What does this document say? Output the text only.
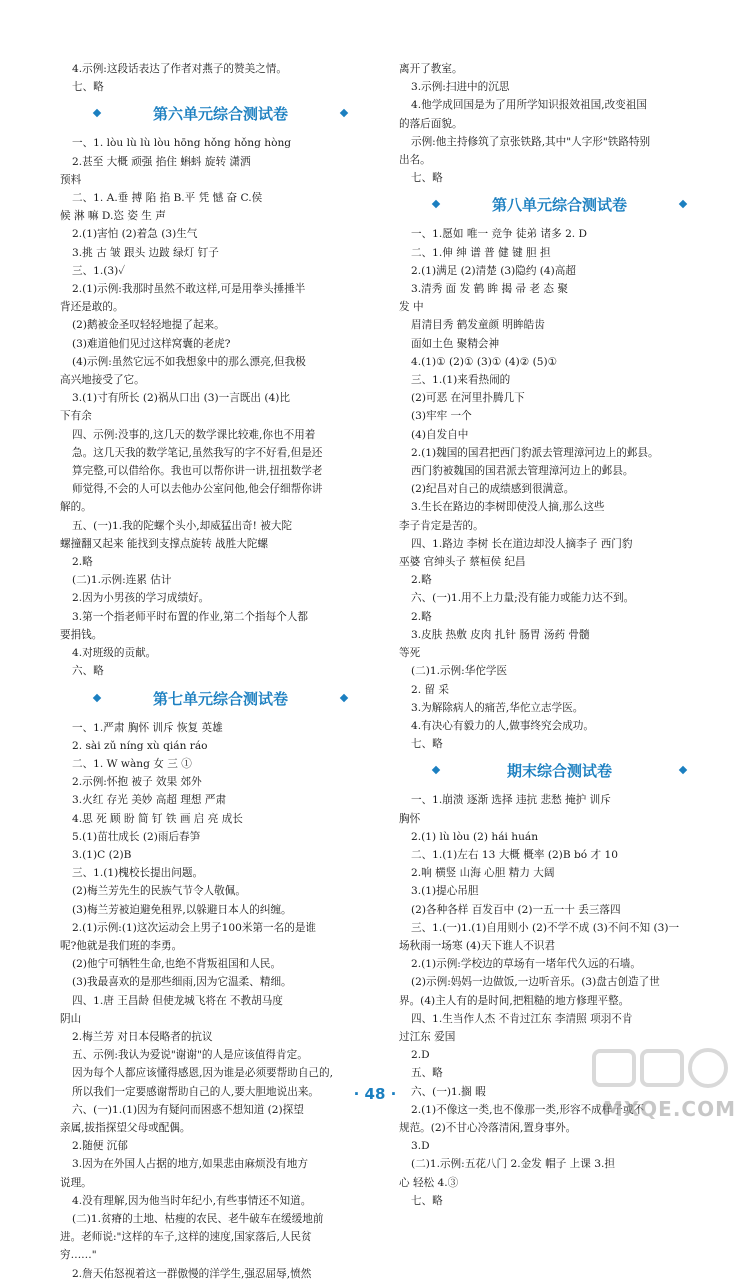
4.示例:这段话表达了作者对燕子的赞美之情。
七、略
第六单元综合测试卷
一、1. lòu lù lù lòu hōng hǒng hǒng hòng
2.甚至 大概 顽强 掐住 蝌蚪 旋转 潇洒
预料
二、1. A.垂 搏 陷 掐 B.平 凭 憾 奋 C.侯
候 淋 嘛 D.恣 姿 生 声
2.(1)害怕 (2)着急 (3)生气
3.挑 古 皱 跟头 边跛 绿灯 钉子
三、1.(3)✓
2.(1)示例:我那时虽然不敢这样,可是用拳头捶捶半
背还是敢的。
(2)鹅被金圣叹轻轻地提了起来。
(3)难道他们见过这样窝囊的老虎?
(4)示例:虽然它远不如我想象中的那么漂亮,但我极
高兴地接受了它。
3.(1)寸有所长 (2)祸从口出 (3)一言既出 (4)比
下有余
四、示例:没事的,这几天的数学课比较难,你也不用着
急。这几天我的数学笔记,虽然我写的字不好看,但是还
算完整,可以借给你。我也可以帮你讲一讲,扭扭数学老
师觉得,不会的人可以去他办公室问他,他会仔细帮你讲
解的。
五、(一)1.我的陀螺个头小,却威猛出奇! 被大陀
螺撞翻又起来 能找到支撑点旋转 战胜大陀螺
2.略
(二)1.示例:连累 估计
2.因为小男孩的学习成绩好。
3.第一个指老师平时布置的作业,第二个指每个人都
要捐钱。
4.对班级的贡献。
六、略
第七单元综合测试卷
一、1.严肃 胸怀 训斥 恢复 英雄
2. sài zǔ níng xù qián ráo
二、1. W wàng 女 三 ①
2.示例:怀抱 被子 效果 郊外
3.火红 存光 美妙 高超 理想 严肃
4.思 死 顾 盼 简 钉 铁 画 启 亮 成长
5.(1)苗壮成长 (2)雨后春笋
3.(1)C (2)B
三、1.(1)槐校长提出问题。
(2)梅兰芳先生的民族气节令人敬佩。
(3)梅兰芳被迫避免租界,以躲避日本人的纠缠。
2.(1)示例:(1)这次运动会上男子100米第一名的是谁
呢?他就是我们班的李勇。
(2)他宁可牺牲生命,也绝不背叛祖国和人民。
(3)我最喜欢的是那些细雨,因为它温柔、精细。
四、1.唐 王昌龄 但使龙城飞将在 不教胡马度
阴山
2.梅兰芳 对日本侵略者的抗议
五、示例:我认为爱说"谢谢"的人是应该值得肯定。
因为每个人都应该懂得感恩,因为谁是必须要帮助自己的,
所以我们一定要感谢帮助自己的人,要大胆地说出来。
六、(一)1.(1)因为有疑问而困惑不想知道 (2)探望
亲属,拔指探望父母或配偶。
2.随便 沉郁
3.因为在外国人占据的地方,如果悲由麻烦没有地方
说理。
4.没有理解,因为他当时年纪小,有些事情还不知道。
(二)1.贫瘠的土地、枯瘦的农民、老牛破车在缓缓地前
进。老师说:"这样的车子,这样的速度,国家落后,人民贫
穷……"
2.詹天佑怒视着这一群傲慢的洋学生,强忍屈辱,愤然
离开了教室。
3.示例:扫进中的沉思
4.他学成回国是为了用所学知识报效祖国,改变祖国
的落后面貌。
示例:他主持修筑了京张铁路,其中"人字形"铁路特别
出名。
七、略
第八单元综合测试卷
一、1.愿如 唯一 竞争 徒弟 诸多 2. D
二、1.伸 绅 谱 普 健 键 胆 担
2.(1)满足 (2)清楚 (3)隐约 (4)高超
3.清秀 面 发 鹤 眸 揭 帚 老 态 聚
发 中
眉清目秀 鹤发童颜 明眸皓齿
面如土色 聚精会神
4.(1)① (2)① (3)① (4)② (5)①
三、1.(1)来看热闹的
(2)可恶 在河里扑腾几下
(3)牢牢 一个
(4)自发自中
2.(1)魏国的国君把西门豹派去管理漳河边上的邺县。
西门豹被魏国的国君派去管理漳河边上的邺县。
(2)纪昌对自己的成绩感到很满意。
3.生长在路边的李树即使没人摘,那么这些
李子肯定是苦的。
四、1.路边 李树 长在道边却没人摘李子 西门豹
巫婆 官绅头子 蔡桓侯 纪昌
2.略
六、(一)1.用不上力量;没有能力或能力达不到。
2.略
3.皮肤 热敷 皮肉 扎针 肠胃 汤药 骨髓
等死
(二)1.示例:华佗学医
2. 留 采
3.为解除病人的痛苦,华佗立志学医。
4.有决心有毅力的人,做事终究会成功。
七、略
期末综合测试卷
一、1.崩溃 逐渐 选择 违抗 悲愁 掩护 训斥
胸怀
2.(1) lù lòu (2) hái huán
二、1.(1)左右 13 大概 概率 (2)B bó 才 10
2.响 横竖 山海 心胆 精力 大阔
3.(1)提心吊胆
(2)各种各样 百发百中 (2)一五一十 丢三落四
三、1.(一)1.(1)自用则小 (2)不学不成 (3)不问不知 (3)一
场秋雨一场寒 (4)天下谁人不识君
2.(1)示例:学校边的草场有一堵年代久远的石墙。
(2)示例:妈妈一边做饭,一边听音乐。(3)盘古创造了世
界。(4)主人有的是时间,把粗糙的地方修理平整。
四、1.生当作人杰 不肯过江东 李清照 项羽不肯
过江东 爱国
2.D
五、略
六、(一)1.搁 暇
2.(1)不像这一类,也不像那一类,形容不成样子或不
规范。(2)不甘心冷落清闲,置身事外。
3.D
(二)1.示例:五花八门 2.金发 帽子 上课 3.担
心 轻松 4.③
七、略
· 48 ·
MXQE.COM
